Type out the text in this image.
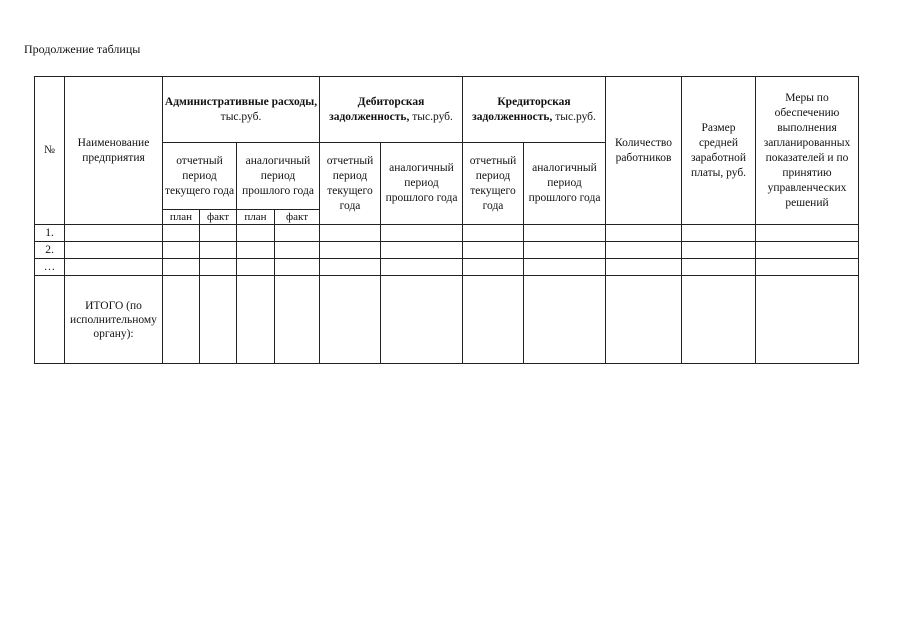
Продолжение таблицы
№	Наименование предприятия	Административные расходы, тыс.руб.				Дебиторская задолженность, тыс.руб.		Кредиторская задолженность, тыс.руб.		Количество работников	Размер средней заработной платы, руб.	Меры по обеспечению выполнения запланированных показателей и по принятию управленческих решений
		отчетный период текущего года		аналогичный период прошлого года		отчетный период текущего года	аналогичный период прошлого года	отчетный период текущего года	аналогичный период прошлого года			
		план	факт	план	факт							
1.												
2.												
…												
	ИТОГО (по исполнительному органу):											
